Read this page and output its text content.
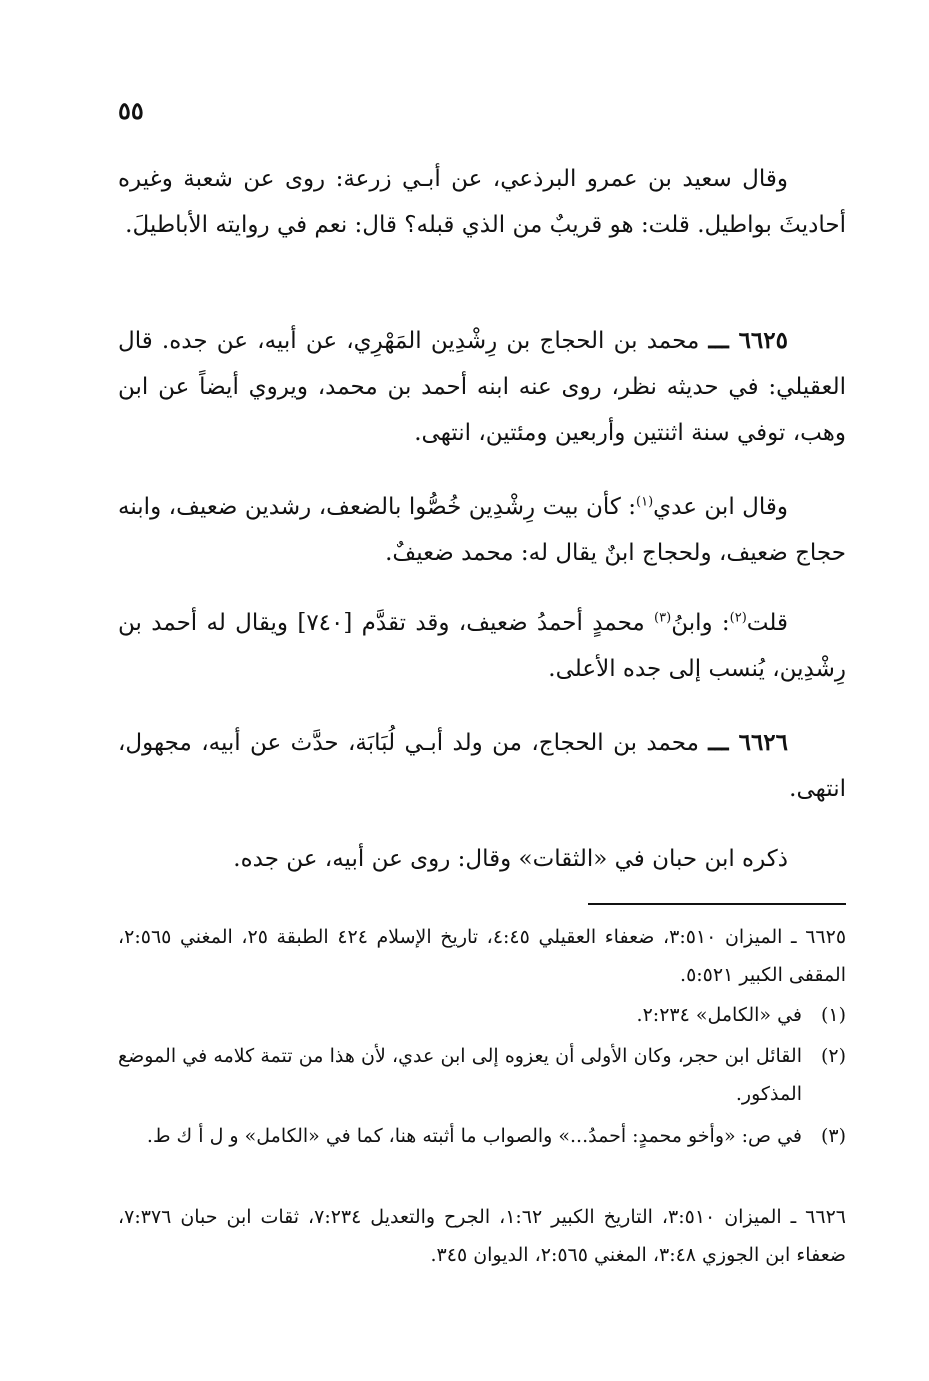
٥٥
وقال سعيد بن عمرو البرذعي، عن أبـي زرعة: روى عن شعبة وغيره أحاديثَ بواطيل. قلت: هو قريبٌ من الذي قبله؟ قال: نعم في روايته الأباطيلَ.
٦٦٢٥ ـــ محمد بن الحجاج بن رِشْدِين المَهْرِي، عن أبيه، عن جده. قال العقيلي: في حديثه نظر، روى عنه ابنه أحمد بن محمد، ويروي أيضاً عن ابن وهب، توفي سنة اثنتين وأربعين ومئتين، انتهى.
وقال ابن عدي$^{(١)}$: كأن بيت رِشْدِين خُصُّوا بالضعف، رشدين ضعيف، وابنه حجاج ضعيف، ولحجاج ابنٌ يقال له: محمد ضعيفٌ.
قلت$^{(٢)}$: وابنُ$^{(٣)}$ محمدٍ أحمدُ ضعيف، وقد تقدَّم [٧٤٠] ويقال له أحمد بن رِشْدِين، يُنسب إلى جده الأعلى.
٦٦٢٦ ـــ محمد بن الحجاج، من ولد أبـي لُبَابَة، حدَّث عن أبيه، مجهول، انتهى.
ذكره ابن حبان في «الثقات» وقال: روى عن أبيه، عن جده.
٦٦٢٥ ـ الميزان ٣:٥١٠، ضعفاء العقيلي ٤:٤٥، تاريخ الإسلام ٤٢٤ الطبقة ٢٥، المغني ٢:٥٦٥، المقفى الكبير ٥:٥٢١.
(١)
في «الكامل» ٢:٢٣٤.
(٢)
القائل ابن حجر، وكان الأولى أن يعزوه إلى ابن عدي، لأن هذا من تتمة كلامه في الموضع المذكور.
(٣)
في ص: «وأخو محمدٍ: أحمدُ...» والصواب ما أثبته هنا، كما في «الكامل» و ل أ ك ط.
٦٦٢٦ ـ الميزان ٣:٥١٠، التاريخ الكبير ١:٦٢، الجرح والتعديل ٧:٢٣٤، ثقات ابن حبان ٧:٣٧٦، ضعفاء ابن الجوزي ٣:٤٨، المغني ٢:٥٦٥، الديوان ٣٤٥.
